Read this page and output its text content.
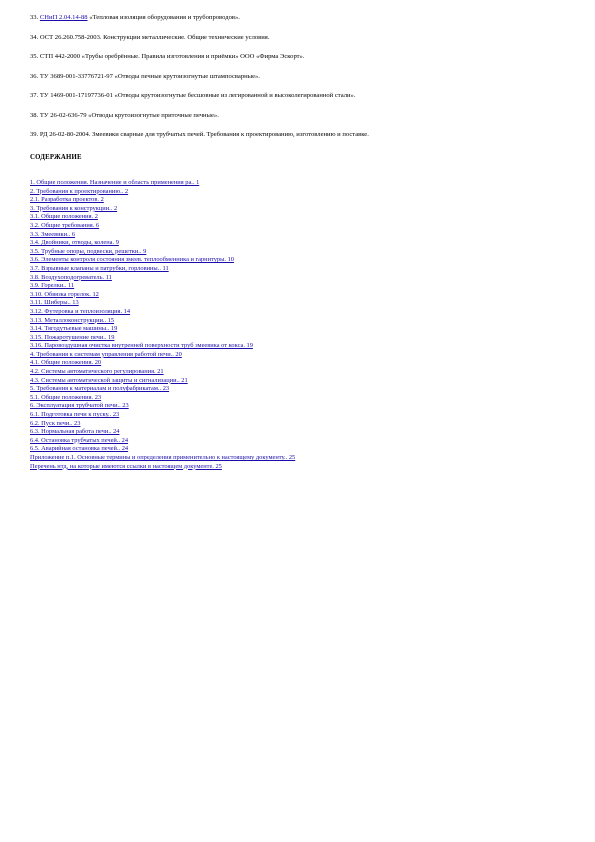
33. СНиП 2.04.14-88 «Тепловая изоляция оборудования и трубопроводов».
34. ОСТ 26.260.758-2003. Конструкции металлические. Общие технические условия.
35. СТП 442-2000 «Трубы оребрённые. Правила изготовления и приёмки» ООО «Фирма Эскорт».
36. ТУ 3689-001-33776721-97 «Отводы печные крутоизогнутые штампосварные».
37. ТУ 1469-001-17197736-01 «Отводы крутоизогнутые бесшовные из легированной и высоколегированной стали».
38. ТУ 26-02-636-79 «Отводы крутоизогнутые приточные печные».
39. РД 26-02-80-2004. Змеевики сварные для трубчатых печей. Требования к проектированию, изготовлению и поставке.
СОДЕРЖАНИЕ
1. Общие положения. Назначение и область применения ра.. 1
2. Требования к проектированию.. 2
2.1. Разработка проектов. 2
3. Требования к конструкции.. 2
3.1. Общие положения. 2
3.2. Общие требования. 6
3.3. Змеевики.. 6
3.4. Двойники, отводы, колена. 9
3.5. Трубные опоры, подвески, решетки.. 9
3.6. Элементы контроля состояния змеев. теплообменника и гарнитуры. 10
3.7. Взрывные клапаны и патрубки, горловины.. 11
3.8. Воздухоподогреватель. 11
3.9. Горелки.. 11
3.10. Обвязка горелок. 12
3.11. Шиберы.. 13
3.12. Футеровка и теплоизоляция. 14
3.13. Металлоконструкции.. 15
3.14. Тягодутьевые машины.. 19
3.15. Пожаротушение печи.. 19
3.16. Паровоздушная очистка внутренней поверхности труб змеевика от кокса. 19
4. Требования к системам управления работой печи.. 20
4.1. Общие положения. 20
4.2. Системы автоматического регулирования. 21
4.3. Системы автоматической защиты и сигнализации.. 21
5. Требования к материалам и полуфабрикатам.. 23
5.1. Общие положения. 23
6. Эксплуатация трубчатой печи.. 23
6.1. Подготовка печи к пуску.. 23
6.2. Пуск печи.. 23
6.3. Нормальная работа печи.. 24
6.4. Остановка трубчатых печей.. 24
6.5. Аварийная остановка печей.. 24
Приложение п.1. Основные термины и определения применительно к настоящему документу.. 25
Перечень нтд, на которые имеются ссылки в настоящем документе. 25
